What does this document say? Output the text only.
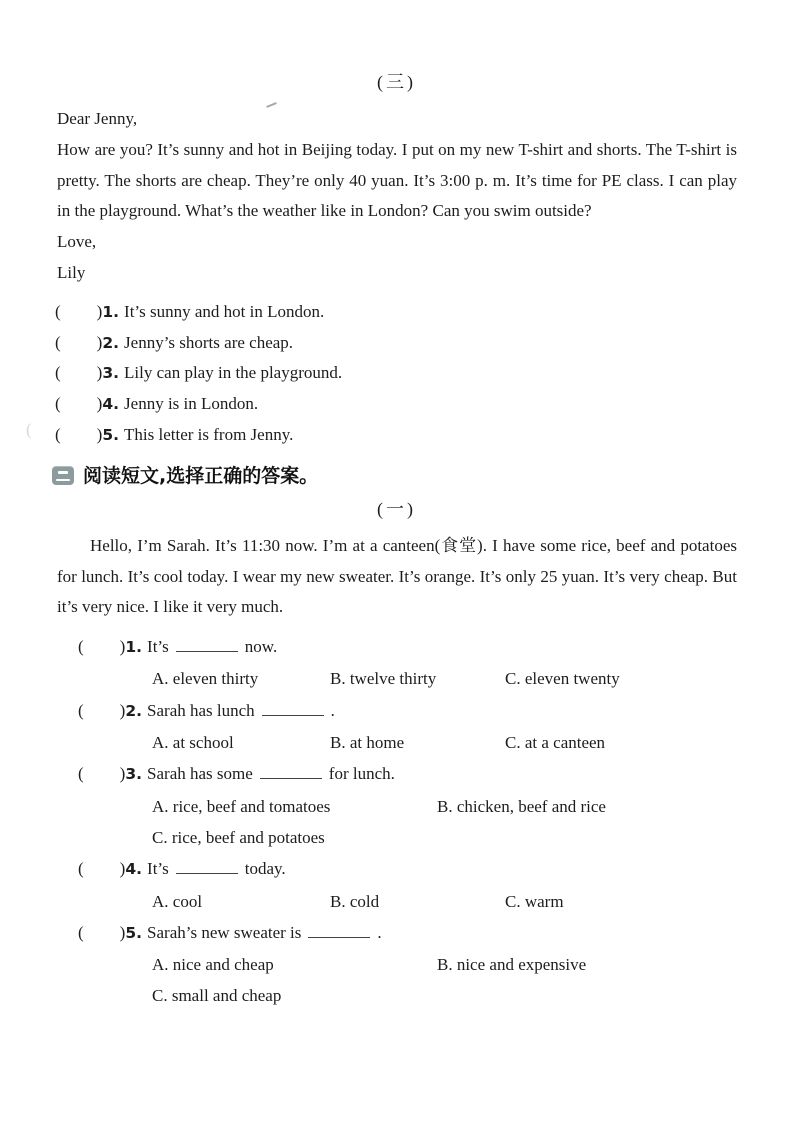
(
(三)

Dear Jenny,

How are you? It’s sunny and hot in Beijing today. I put on my new T-shirt and shorts. The T-shirt is pretty. The shorts are cheap. They’re only 40 yuan. It’s 3:00 p. m. It’s time for PE class. I can play in the playground. What’s the weather like in London? Can you swim outside?

Love,

Lily

( )1. It’s sunny and hot in London.
( )2. Jenny’s shorts are cheap.
( )3. Lily can play in the playground.
( )4. Jenny is in London.
( )5. This letter is from Jenny.
阅读短文,选择正确的答案。
(一)

Hello, I’m Sarah. It’s 11:30 now. I’m at a canteen(食堂). I have some rice, beef and potatoes for lunch. It’s cool today. I wear my new sweater. It’s orange. It’s only 25 yuan. It’s very cheap. But it’s very nice. I like it very much.

( )1. It’s	now.
A. eleven thirty	B. twelve thirty	C. eleven twenty
( )2. Sarah has lunch	.
A. at school	B. at home	C. at a canteen
( )3. Sarah has some	for lunch.
A. rice, beef and tomatoes	B. chicken, beef and rice
C. rice, beef and potatoes
( )4. It’s	today.
A. cool	B. cold	C. warm
( )5. Sarah’s new sweater is	.
A. nice and cheap	B. nice and expensive
C. small and cheap
